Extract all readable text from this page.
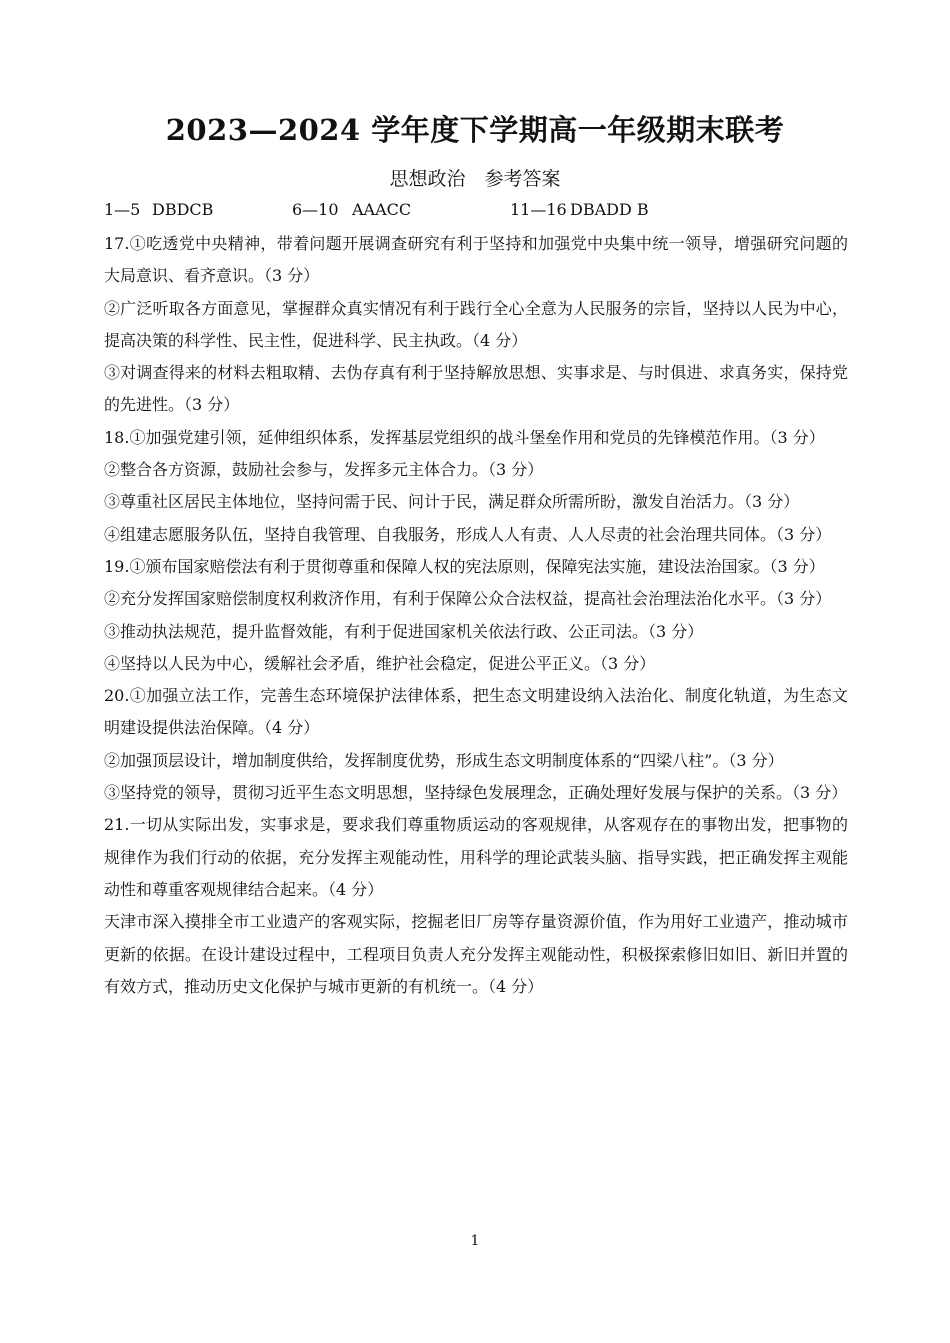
2023—2024 学年度下学期高一年级期末联考
思想政治　参考答案
1—5 DBDCB	6—10 AAACC	11—16 DBADD B

17.①吃透党中央精神，带着问题开展调查研究有利于坚持和加强党中央集中统一领导，增强研究问题的大局意识、看齐意识。（3 分）

②广泛听取各方面意见，掌握群众真实情况有利于践行全心全意为人民服务的宗旨，坚持以人民为中心，提高决策的科学性、民主性，促进科学、民主执政。（4 分）

③对调查得来的材料去粗取精、去伪存真有利于坚持解放思想、实事求是、与时俱进、求真务实，保持党的先进性。（3 分）

18.①加强党建引领，延伸组织体系，发挥基层党组织的战斗堡垒作用和党员的先锋模范作用。（3 分）

②整合各方资源，鼓励社会参与，发挥多元主体合力。（3 分）

③尊重社区居民主体地位，坚持问需于民、问计于民，满足群众所需所盼，激发自治活力。（3 分）

④组建志愿服务队伍，坚持自我管理、自我服务，形成人人有责、人人尽责的社会治理共同体。（3 分）

19.①颁布国家赔偿法有利于贯彻尊重和保障人权的宪法原则，保障宪法实施，建设法治国家。（3 分）

②充分发挥国家赔偿制度权利救济作用，有利于保障公众合法权益，提高社会治理法治化水平。（3 分）

③推动执法规范，提升监督效能，有利于促进国家机关依法行政、公正司法。（3 分）

④坚持以人民为中心，缓解社会矛盾，维护社会稳定，促进公平正义。（3 分）

20.①加强立法工作，完善生态环境保护法律体系，把生态文明建设纳入法治化、制度化轨道，为生态文明建设提供法治保障。（4 分）

②加强顶层设计，增加制度供给，发挥制度优势，形成生态文明制度体系的“四梁八柱”。（3 分）

③坚持党的领导，贯彻习近平生态文明思想，坚持绿色发展理念，正确处理好发展与保护的关系。（3 分）

21.一切从实际出发，实事求是，要求我们尊重物质运动的客观规律，从客观存在的事物出发，把事物的规律作为我们行动的依据，充分发挥主观能动性，用科学的理论武装头脑、指导实践，把正确发挥主观能动性和尊重客观规律结合起来。（4 分）

天津市深入摸排全市工业遗产的客观实际，挖掘老旧厂房等存量资源价值，作为用好工业遗产，推动城市更新的依据。在设计建设过程中，工程项目负责人充分发挥主观能动性，积极探索修旧如旧、新旧并置的有效方式，推动历史文化保护与城市更新的有机统一。（4 分）

1
